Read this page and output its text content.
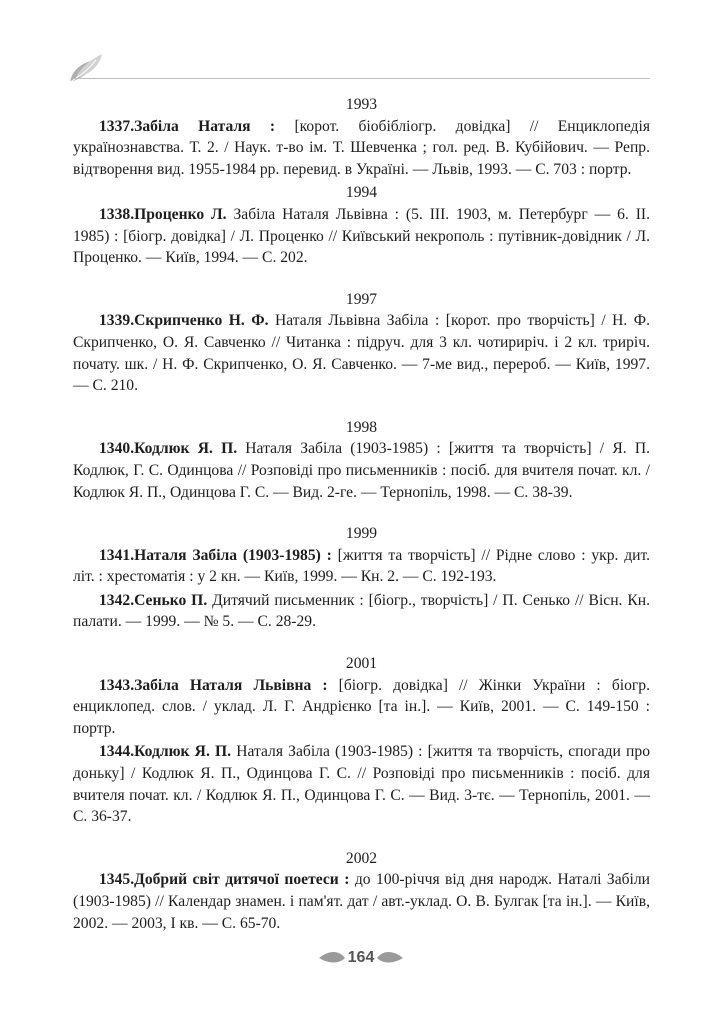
1993

1337.Забіла Наталя : [корот. біобібліогр. довідка] // Енциклопедія українознавства. Т. 2. / Наук. т-во ім. Т. Шевченка ; гол. ред. В. Кубійович. — Репр. відтворення вид. 1955-1984 рр. перевид. в Україні. — Львів, 1993. — С. 703 : портр.

1994

1338.Проценко Л. Забіла Наталя Львівна : (5. III. 1903, м. Петербург — 6. II. 1985) : [біогр. довідка] / Л. Проценко // Київський некрополь : путівник-довідник / Л. Проценко. — Київ, 1994. — С. 202.

1997

1339.Скрипченко Н. Ф. Наталя Львівна Забіла : [корот. про творчість] / Н. Ф. Скрипченко, О. Я. Савченко // Читанка : підруч. для 3 кл. чотириріч. і 2 кл. триріч. почату. шк. / Н. Ф. Скрипченко, О. Я. Савченко. — 7-ме вид., перероб. — Київ, 1997. — С. 210.

1998

1340.Кодлюк Я. П. Наталя Забіла (1903-1985) : [життя та творчість] / Я. П. Кодлюк, Г. С. Одинцова // Розповіді про письменників : посіб. для вчителя почат. кл. / Кодлюк Я. П., Одинцова Г. С. — Вид. 2-ге. — Тернопіль, 1998. — С. 38-39.

1999

1341.Наталя Забіла (1903-1985) : [життя та творчість] // Рідне слово : укр. дит. літ. : хрестоматія : у 2 кн. — Київ, 1999. — Кн. 2. — С. 192-193.

1342.Сенько П. Дитячий письменник : [біогр., творчість] / П. Сенько // Вісн. Кн. палати. — 1999. — № 5. — С. 28-29.

2001

1343.Забіла Наталя Львівна : [біогр. довідка] // Жінки України : біогр. енциклопед. слов. / уклад. Л. Г. Андрієнко [та ін.]. — Київ, 2001. — С. 149-150 : портр.

1344.Кодлюк Я. П. Наталя Забіла (1903-1985) : [життя та творчість, спогади про доньку] / Кодлюк Я. П., Одинцова Г. С. // Розповіді про письменників : посіб. для вчителя почат. кл. / Кодлюк Я. П., Одинцова Г. С. — Вид. 3-тє. — Тернопіль, 2001. — С. 36-37.

2002

1345.Добрий світ дитячої поетеси : до 100-річчя від дня народж. Наталі Забіли (1903-1985) // Календар знамен. і пам'ят. дат / авт.-уклад. О. В. Булгак [та ін.]. — Київ, 2002. — 2003, I кв. — С. 65-70.

164
